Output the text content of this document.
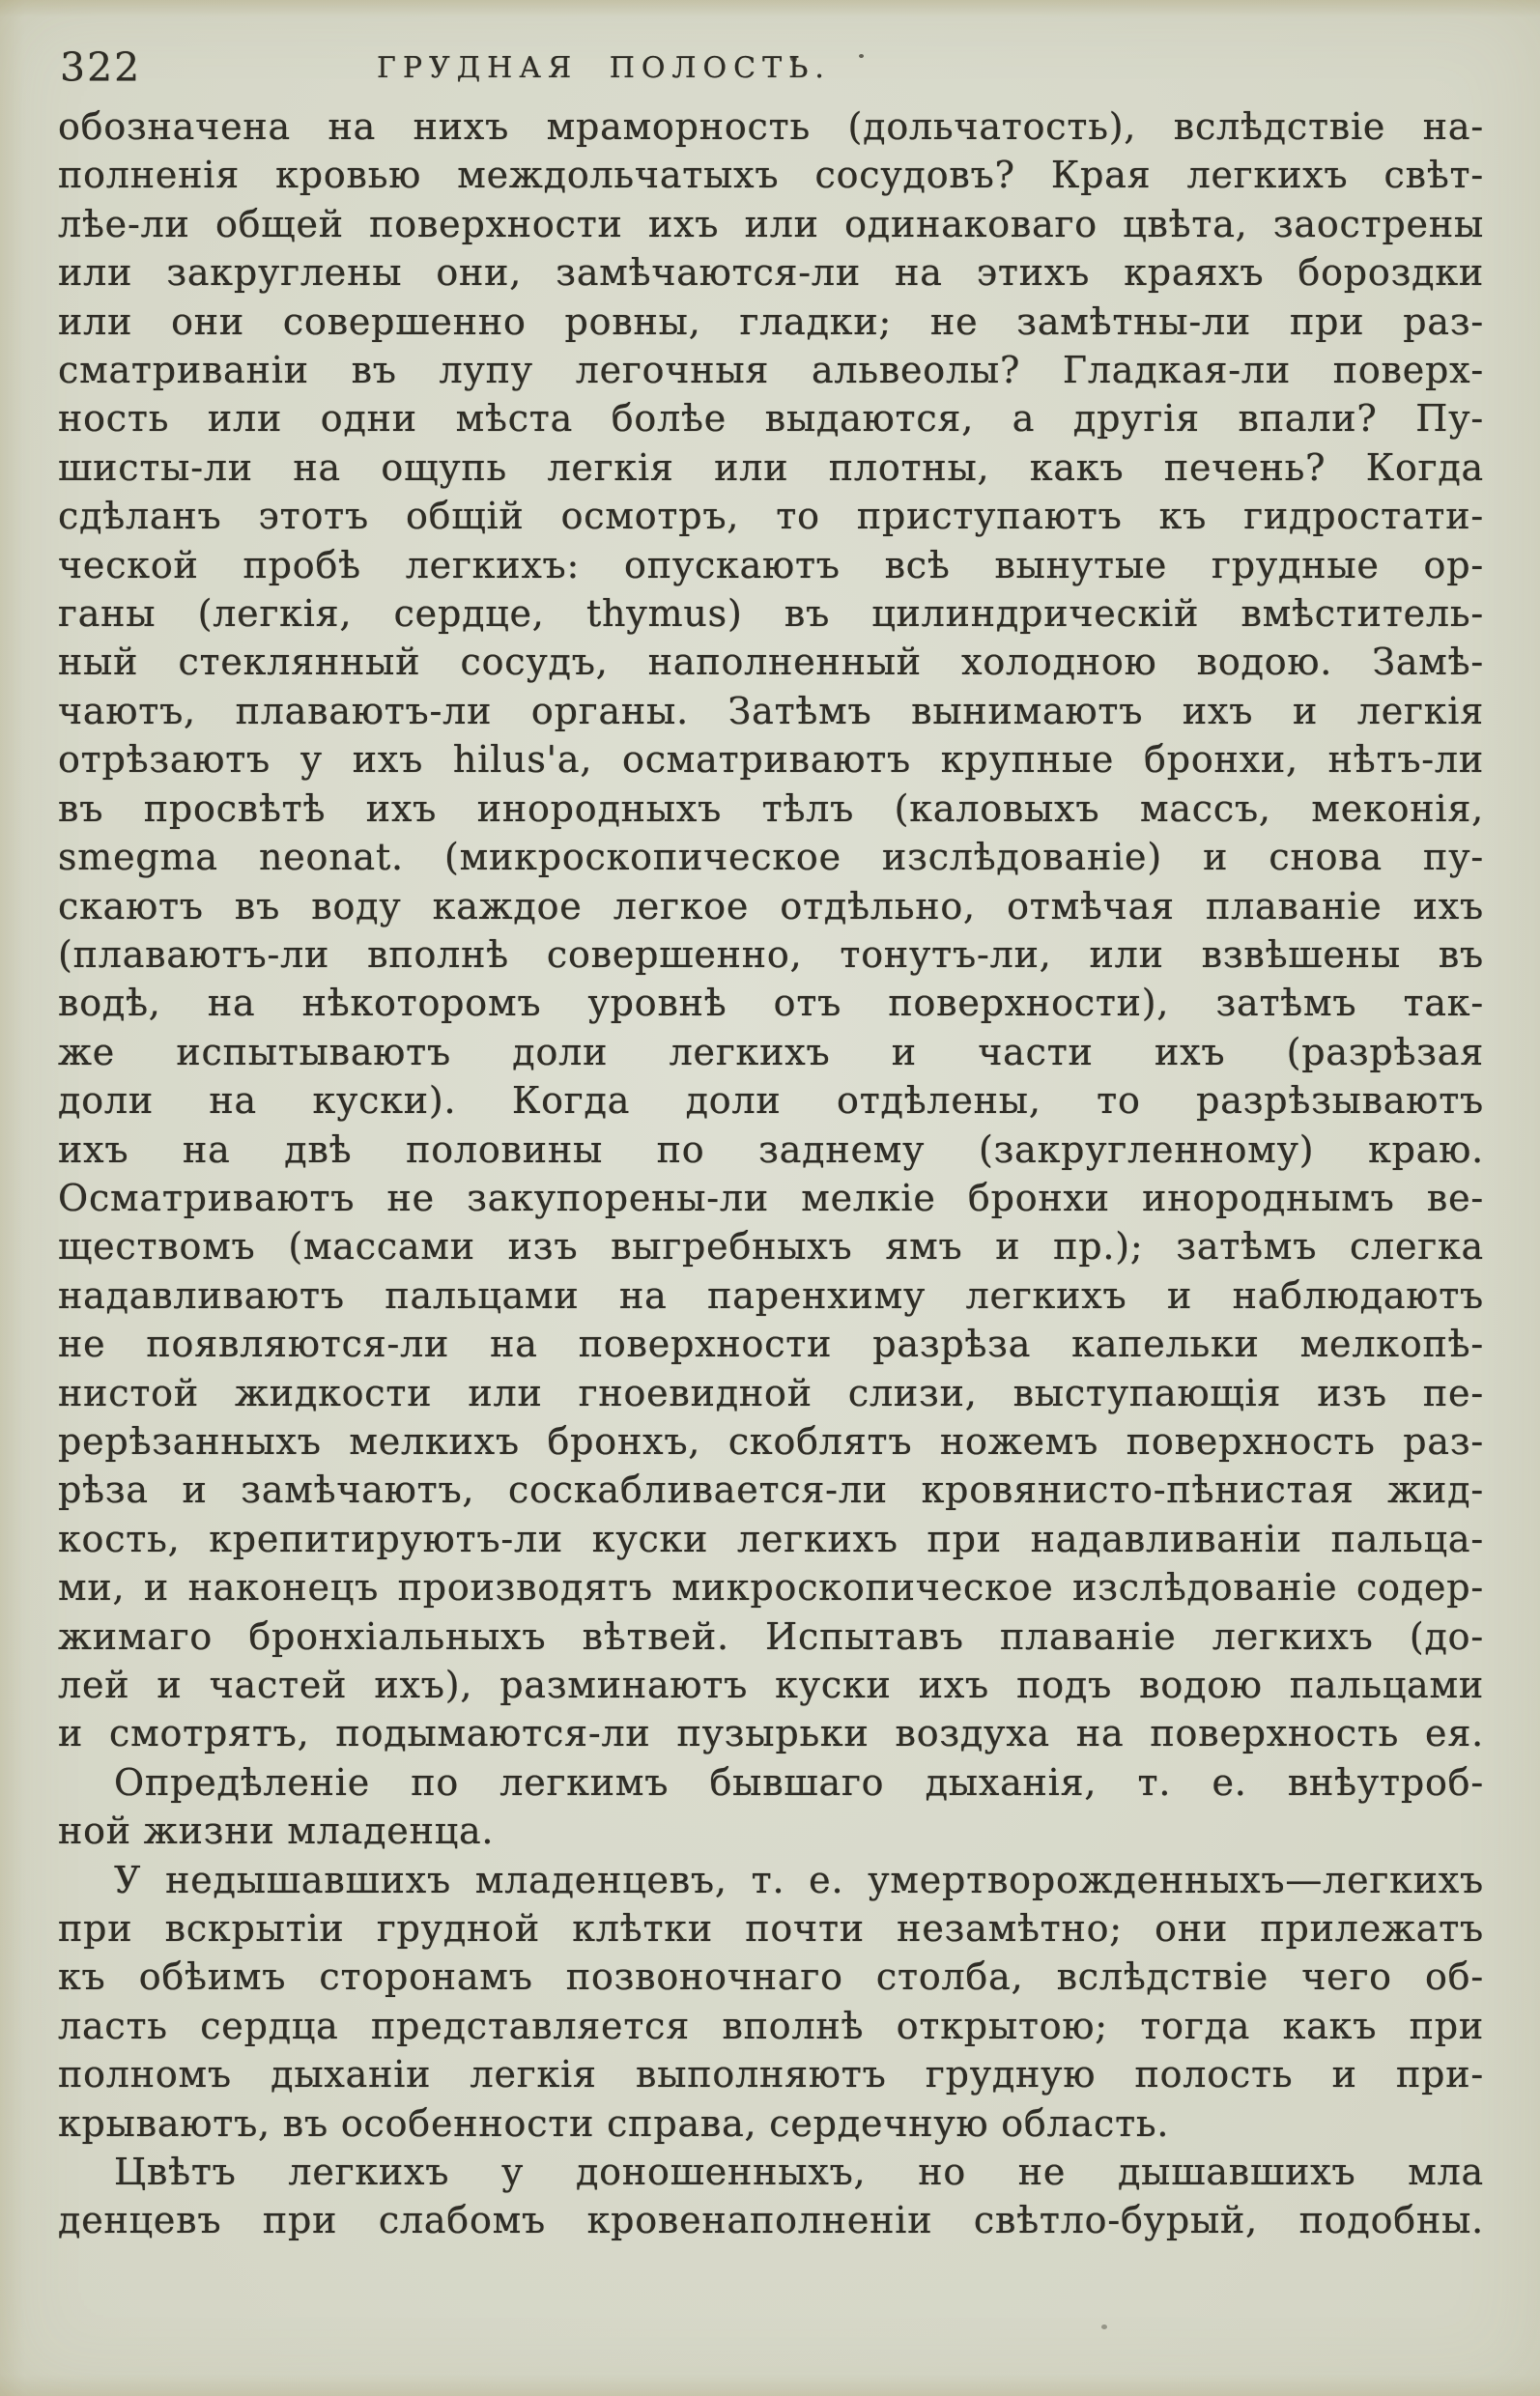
322	ГРУДНАЯ ПОЛОСТЬ.
обозначена на нихъ мраморность (дольчатость), вслѣдствіе на-
полненія кровью междольчатыхъ сосудовъ? Края легкихъ свѣт-
лѣе-ли общей поверхности ихъ или одинаковаго цвѣта, заострены
или закруглены они, замѣчаются-ли на этихъ краяхъ бороздки
или они совершенно ровны, гладки; не замѣтны-ли при раз-
сматриваніи въ лупу легочныя альвеолы? Гладкая-ли поверх-
ность или одни мѣста болѣе выдаются, а другія впали? Пу-
шисты-ли на ощупь легкія или плотны, какъ печень? Когда
сдѣланъ этотъ общій осмотръ, то приступаютъ къ гидростати-
ческой пробѣ легкихъ: опускаютъ всѣ вынутые грудные ор-
ганы (легкія, сердце, thymus) въ цилиндрическій вмѣститель-
ный стеклянный сосудъ, наполненный холодною водою. Замѣ-
чаютъ, плаваютъ-ли органы. Затѣмъ вынимаютъ ихъ и легкія
отрѣзаютъ у ихъ hilus'а, осматриваютъ крупные бронхи, нѣтъ-ли
въ просвѣтѣ ихъ инородныхъ тѣлъ (каловыхъ массъ, меконія,
smegma neonat. (микроскопическое изслѣдованіе) и снова пу-
скаютъ въ воду каждое легкое отдѣльно, отмѣчая плаваніе ихъ
(плаваютъ-ли вполнѣ совершенно, тонутъ-ли, или взвѣшены въ
водѣ, на нѣкоторомъ уровнѣ отъ поверхности), затѣмъ так-
же испытываютъ доли легкихъ и части ихъ (разрѣзая
доли на куски). Когда доли отдѣлены, то разрѣзываютъ
ихъ на двѣ половины по заднему (закругленному) краю.
Осматриваютъ не закупорены-ли мелкіе бронхи инороднымъ ве-
ществомъ (массами изъ выгребныхъ ямъ и пр.); затѣмъ слегка
надавливаютъ пальцами на паренхиму легкихъ и наблюдаютъ
не появляются-ли на поверхности разрѣза капельки мелкопѣ-
нистой жидкости или гноевидной слизи, выступающія изъ пе-
рерѣзанныхъ мелкихъ бронхъ, скоблятъ ножемъ поверхность раз-
рѣза и замѣчаютъ, соскабливается-ли кровянисто-пѣнистая жид-
кость, крепитируютъ-ли куски легкихъ при надавливаніи пальца-
ми, и наконецъ производятъ микроскопическое изслѣдованіе содер-
жимаго бронхіальныхъ вѣтвей. Испытавъ плаваніе легкихъ (до-
лей и частей ихъ), разминаютъ куски ихъ подъ водою пальцами
и смотрятъ, подымаются-ли пузырьки воздуха на поверхность ея.
Опредѣленіе по легкимъ бывшаго дыханія, т. е. внѣутроб-
ной жизни младенца.
У недышавшихъ младенцевъ, т. е. умертворожденныхъ—легкихъ
при вскрытіи грудной клѣтки почти незамѣтно; они прилежатъ
къ обѣимъ сторонамъ позвоночнаго столба, вслѣдствіе чего об-
ласть сердца представляется вполнѣ открытою; тогда какъ при
полномъ дыханіи легкія выполняютъ грудную полость и при-
крываютъ, въ особенности справа, сердечную область.
Цвѣтъ легкихъ у доношенныхъ, но не дышавшихъ мла
денцевъ при слабомъ кровенаполненіи свѣтло-бурый, подобны.
